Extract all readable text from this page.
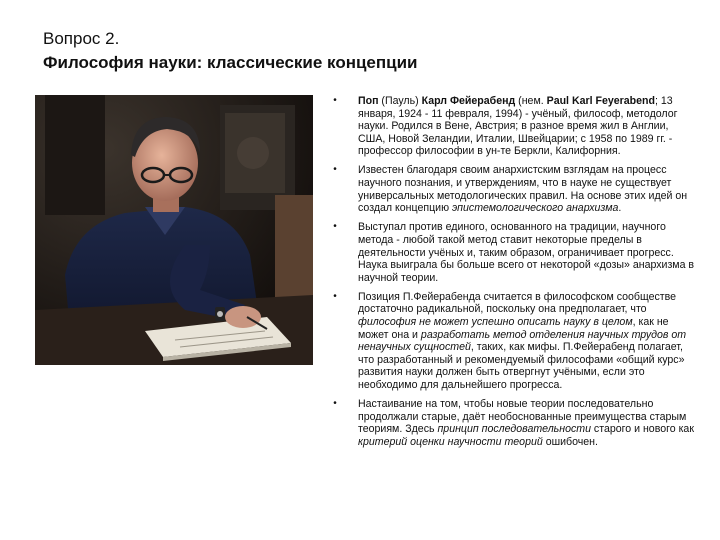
Вопрос 2.
Философия науки: классические концепции
•	Поп (Пауль) Карл Фейерабенд (нем. Paul Karl Feyerabend; 13 января, 1924 - 11 февраля, 1994) - учёный, философ, методолог науки. Родился в Вене, Австрия; в разное время жил в Англии, США, Новой Зеландии, Италии, Швейцарии; с 1958 по 1989 гг. - профессор философии в ун-те Беркли, Калифорния.
•	Известен благодаря своим анархистским взглядам на процесс научного познания, и утверждениям, что в науке не существует универсальных методологических правил. На основе этих идей он создал концепцию эпистемологического анархизма.
•	Выступал против единого, основанного на традиции, научного метода - любой такой метод ставит некоторые пределы в деятельности учёных и, таким образом, ограничивает прогресс. Наука выиграла бы больше всего от некоторой «дозы» анархизма в научной теории.
•	Позиция П.Фейерабенда считается в философском сообществе достаточно радикальной, поскольку она предполагает, что философия не может успешно описать науку в целом, как не может она и разработать метод отделения научных трудов от ненаучных сущностей, таких, как мифы. П.Фейерабенд полагает, что разработанный и рекомендуемый философами «общий курс» развития науки должен быть отвергнут учёными, если это необходимо для дальнейшего прогресса.
•	Настаивание на том, чтобы новые теории последовательно продолжали старые, даёт необоснованные преимущества старым теориям. Здесь принцип последовательности старого и нового как критерий оценки научности теорий ошибочен.
